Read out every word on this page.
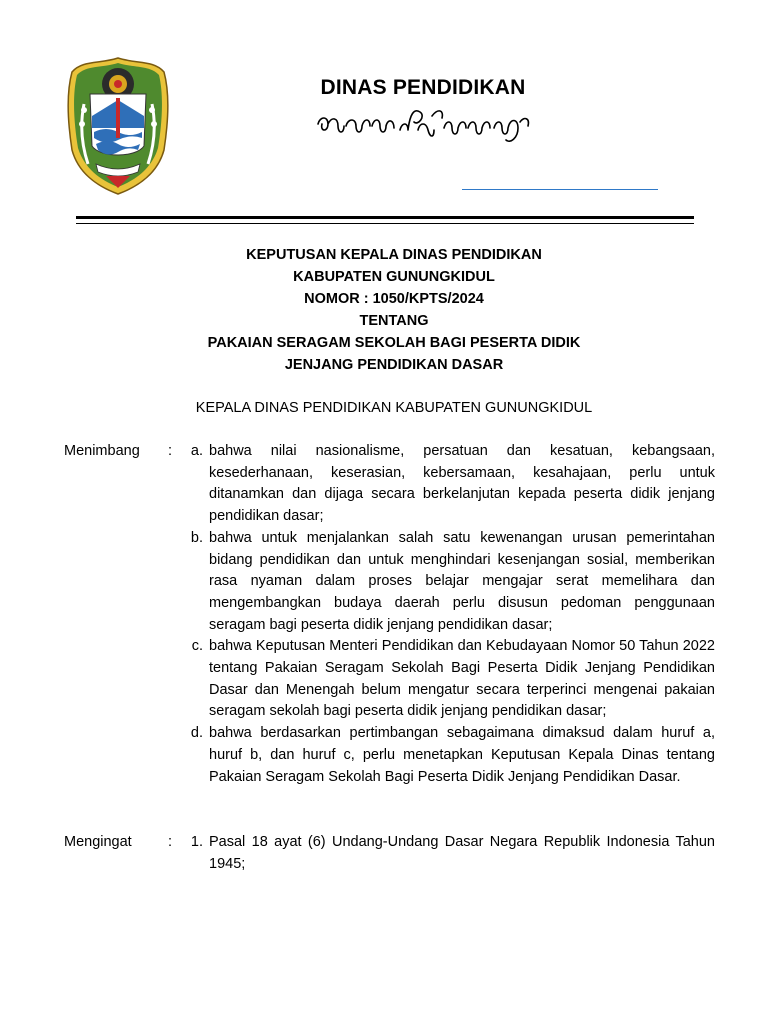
DINAS PENDIDIKAN
KEPUTUSAN KEPALA DINAS PENDIDIKAN
KABUPATEN GUNUNGKIDUL
NOMOR : 1050/KPTS/2024
TENTANG
PAKAIAN SERAGAM SEKOLAH BAGI PESERTA DIDIK
JENJANG PENDIDIKAN DASAR
KEPALA DINAS PENDIDIKAN KABUPATEN GUNUNGKIDUL
Menimbang :	a. bahwa nilai nasionalisme, persatuan dan kesatuan, kebangsaan, kesederhanaan, keserasian, kebersamaan, kesahajaan, perlu untuk ditanamkan dan dijaga secara berkelanjutan kepada peserta didik jenjang pendidikan dasar;
b. bahwa untuk menjalankan salah satu kewenangan urusan pemerintahan bidang pendidikan dan untuk menghindari kesenjangan sosial, memberikan rasa nyaman dalam proses belajar mengajar serat memelihara dan mengembangkan budaya daerah perlu disusun pedoman penggunaan seragam bagi peserta didik jenjang pendidikan dasar;
c. bahwa Keputusan Menteri Pendidikan dan Kebudayaan Nomor 50 Tahun 2022 tentang Pakaian Seragam Sekolah Bagi Peserta Didik Jenjang Pendidikan Dasar dan Menengah belum mengatur secara terperinci mengenai pakaian seragam sekolah bagi peserta didik jenjang pendidikan dasar;
d. bahwa berdasarkan pertimbangan sebagaimana dimaksud dalam huruf a, huruf b, dan huruf c, perlu menetapkan Keputusan Kepala Dinas tentang Pakaian Seragam Sekolah Bagi Peserta Didik Jenjang Pendidikan Dasar.
Mengingat	:	1. Pasal 18 ayat (6) Undang-Undang Dasar Negara Republik Indonesia Tahun 1945;
